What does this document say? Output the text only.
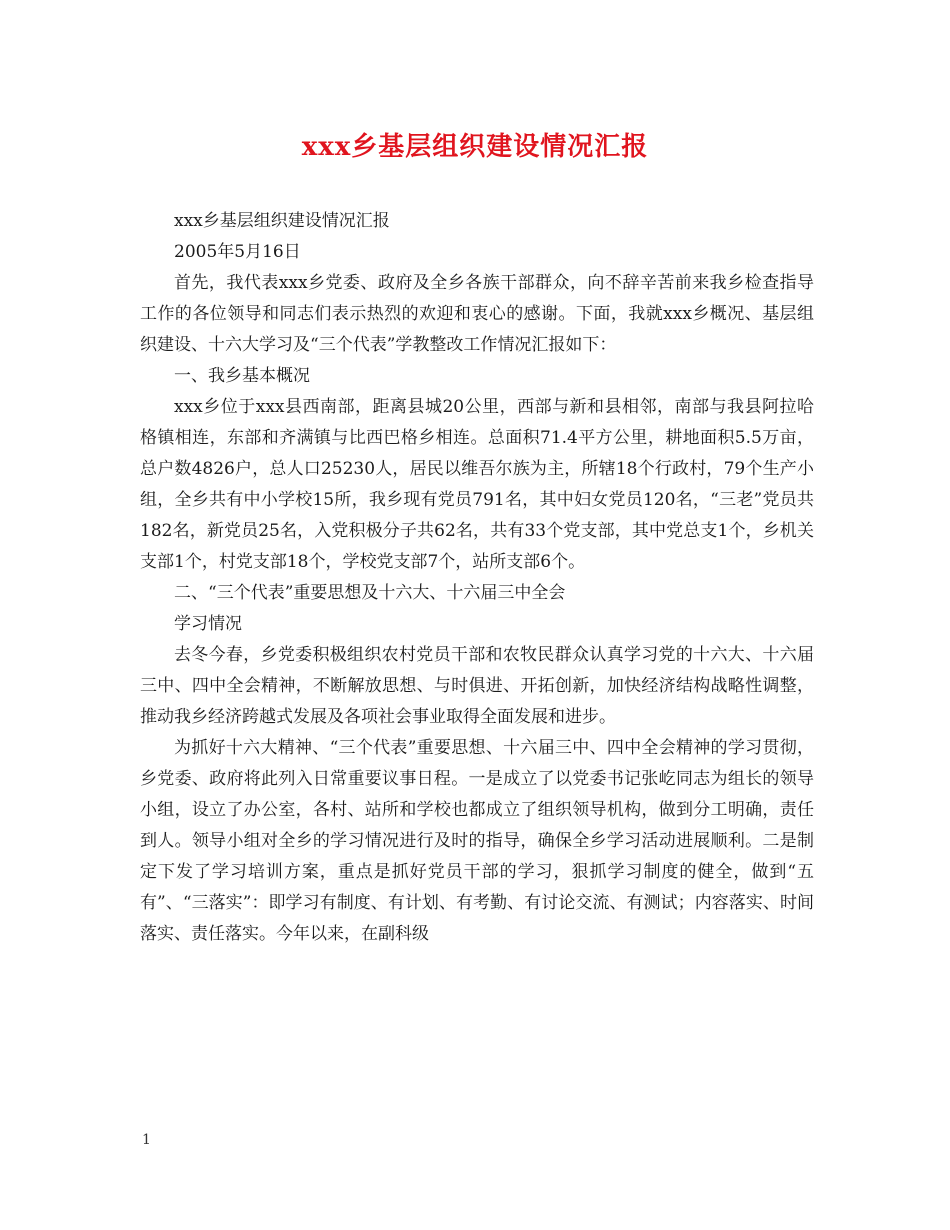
xxx乡基层组织建设情况汇报

xxx乡基层组织建设情况汇报

2005年5月16日

首先，我代表xxx乡党委、政府及全乡各族干部群众，向不辞辛苦前来我乡检查指导工作的各位领导和同志们表示热烈的欢迎和衷心的感谢。下面，我就xxx乡概况、基层组织建设、十六大学习及“三个代表”学教整改工作情况汇报如下：

一、我乡基本概况

xxx乡位于xxx县西南部，距离县城20公里，西部与新和县相邻，南部与我县阿拉哈格镇相连，东部和齐满镇与比西巴格乡相连。总面积71.4平方公里，耕地面积5.5万亩，总户数4826户，总人口25230人，居民以维吾尔族为主，所辖18个行政村，79个生产小组，全乡共有中小学校15所，我乡现有党员791名，其中妇女党员120名，“三老”党员共182名，新党员25名，入党积极分子共62名，共有33个党支部，其中党总支1个，乡机关支部1个，村党支部18个，学校党支部7个，站所支部6个。

二、“三个代表”重要思想及十六大、十六届三中全会

学习情况

去冬今春，乡党委积极组织农村党员干部和农牧民群众认真学习党的十六大、十六届三中、四中全会精神，不断解放思想、与时俱进、开拓创新，加快经济结构战略性调整，推动我乡经济跨越式发展及各项社会事业取得全面发展和进步。

为抓好十六大精神、“三个代表”重要思想、十六届三中、四中全会精神的学习贯彻，乡党委、政府将此列入日常重要议事日程。一是成立了以党委书记张屹同志为组长的领导小组，设立了办公室，各村、站所和学校也都成立了组织领导机构，做到分工明确，责任到人。领导小组对全乡的学习情况进行及时的指导，确保全乡学习活动进展顺利。二是制定下发了学习培训方案，重点是抓好党员干部的学习，狠抓学习制度的健全，做到“五有”、“三落实”：即学习有制度、有计划、有考勤、有讨论交流、有测试；内容落实、时间落实、责任落实。今年以来，在副科级

1
